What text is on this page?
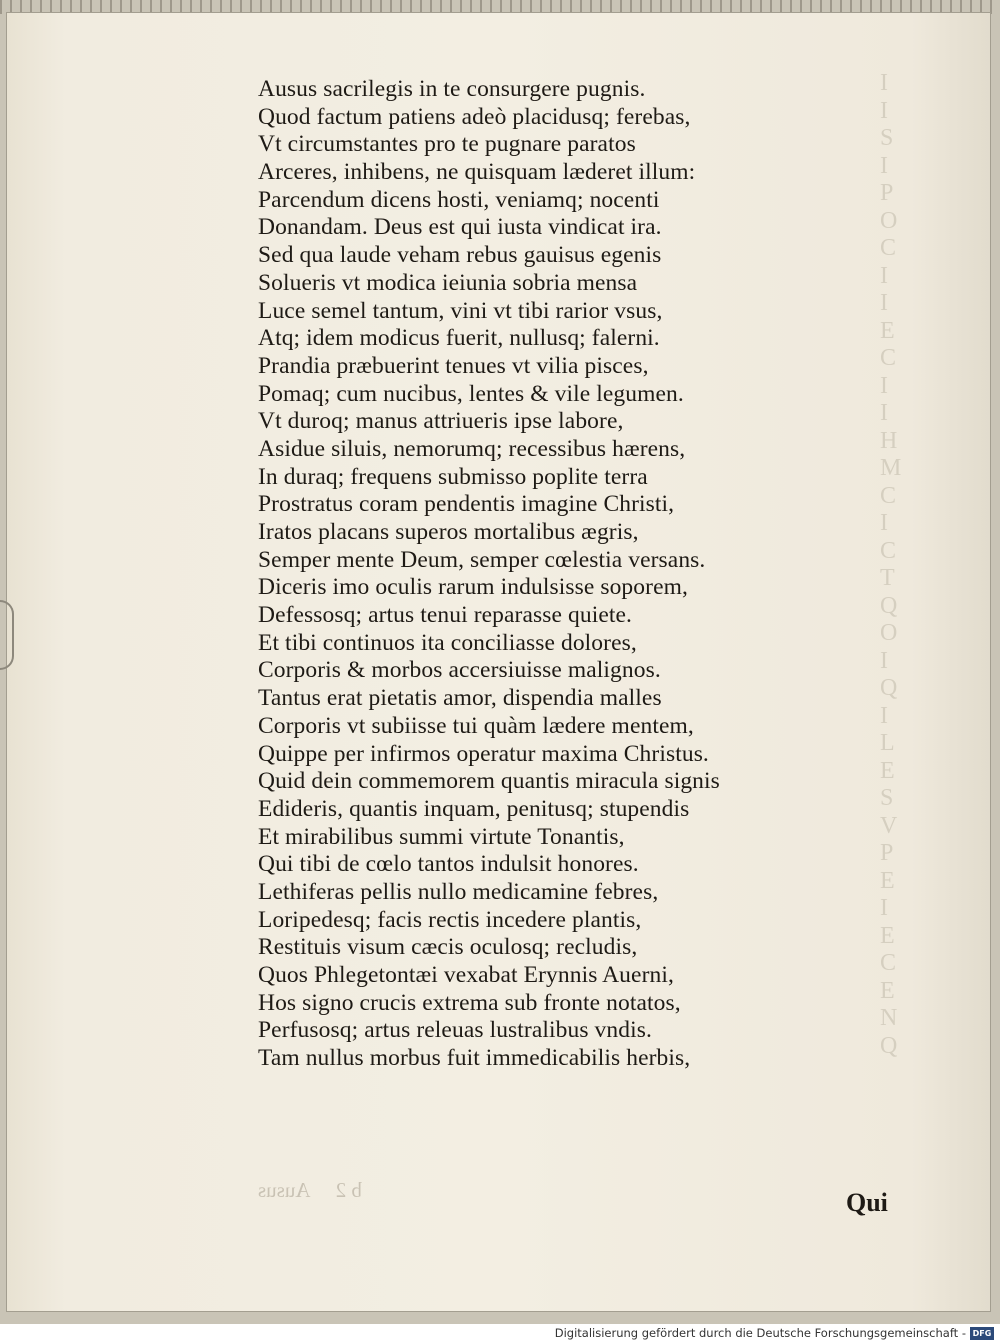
I
I
S
I
P
O
C
I
I
E
C
I
I
H
M
C
I
C
T
Q
O
I
Q
I
L
E
S
V
P
E
I
E
C
E
N
Q
Ausus sacrilegis in te consurgere pugnis.
Quod factum patiens adeò placidusq; ferebas,
Vt circumstantes pro te pugnare paratos
Arceres, inhibens, ne quisquam læderet illum:
Parcendum dicens hosti, veniamq; nocenti
Donandam. Deus est qui iusta vindicat ira.
Sed qua laude veham rebus gauisus egenis
Solueris vt modica ieiunia sobria mensa
Luce semel tantum, vini vt tibi rarior vsus,
Atq; idem modicus fuerit, nullusq; falerni.
Prandia præbuerint tenues vt vilia pisces,
Pomaq; cum nucibus, lentes & vile legumen.
Vt duroq; manus attriueris ipse labore,
Asidue siluis, nemorumq; recessibus hærens,
In duraq; frequens submisso poplite terra
Prostratus coram pendentis imagine Christi,
Iratos placans superos mortalibus ægris,
Semper mente Deum, semper cœlestia versans.
Diceris imo oculis rarum indulsisse soporem,
Defessosq; artus tenui reparasse quiete.
Et tibi continuos ita conciliasse dolores,
Corporis & morbos accersiuisse malignos.
Tantus erat pietatis amor, dispendia malles
Corporis vt subiisse tui quàm lædere mentem,
Quippe per infirmos operatur maxima Christus.
Quid dein commemorem quantis miracula signis
Edideris, quantis inquam, penitusq; stupendis
Et mirabilibus summi virtute Tonantis,
Qui tibi de cœlo tantos indulsit honores.
Lethiferas pellis nullo medicamine febres,
Loripedesq; facis rectis incedere plantis,
Restituis visum cæcis oculosq; recludis,
Quos Phlegetontæi vexabat Erynnis Auerni,
Hos signo crucis extrema sub fronte notatos,
Perfusosq; artus releuas lustralibus vndis.
Tam nullus morbus fuit immedicabilis herbis,
b 2     Ausus	Qui
Digitalisierung gefördert durch die Deutsche Forschungsgemeinschaft - DFG
